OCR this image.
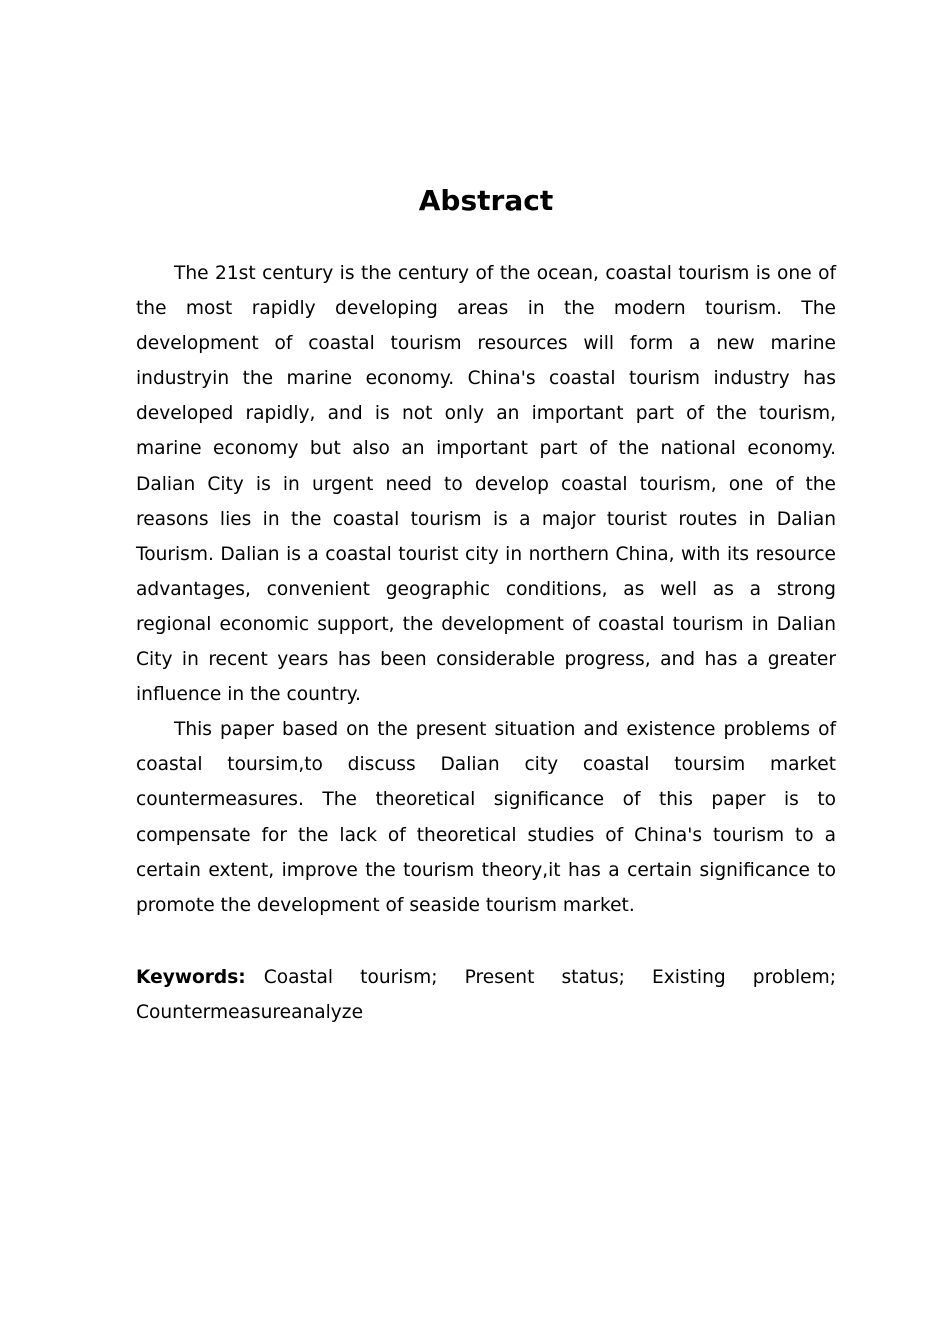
Abstract

The 21st century is the century of the ocean, coastal tourism is one of the most rapidly developing areas in the modern tourism. The development of coastal tourism resources will form a new marine industryin the marine economy. China's coastal tourism industry has developed rapidly, and is not only an important part of the tourism, marine economy but also an important part of the national economy. Dalian City is in urgent need to develop coastal tourism, one of the reasons lies in the coastal tourism is a major tourist routes in Dalian Tourism. Dalian is a coastal tourist city in northern China, with its resource advantages, convenient geographic conditions, as well as a strong regional economic support, the development of coastal tourism in Dalian City in recent years has been considerable progress, and has a greater influence in the country.

This paper based on the present situation and existence problems of coastal toursim,to discuss Dalian city coastal toursim market countermeasures. The theoretical significance of this paper is to compensate for the lack of theoretical studies of China's tourism to a certain extent, improve the tourism theory,it has a certain significance to promote the development of seaside tourism market.

Keywords: Coastal tourism; Present status; Existing problem; Countermeasureanalyze
